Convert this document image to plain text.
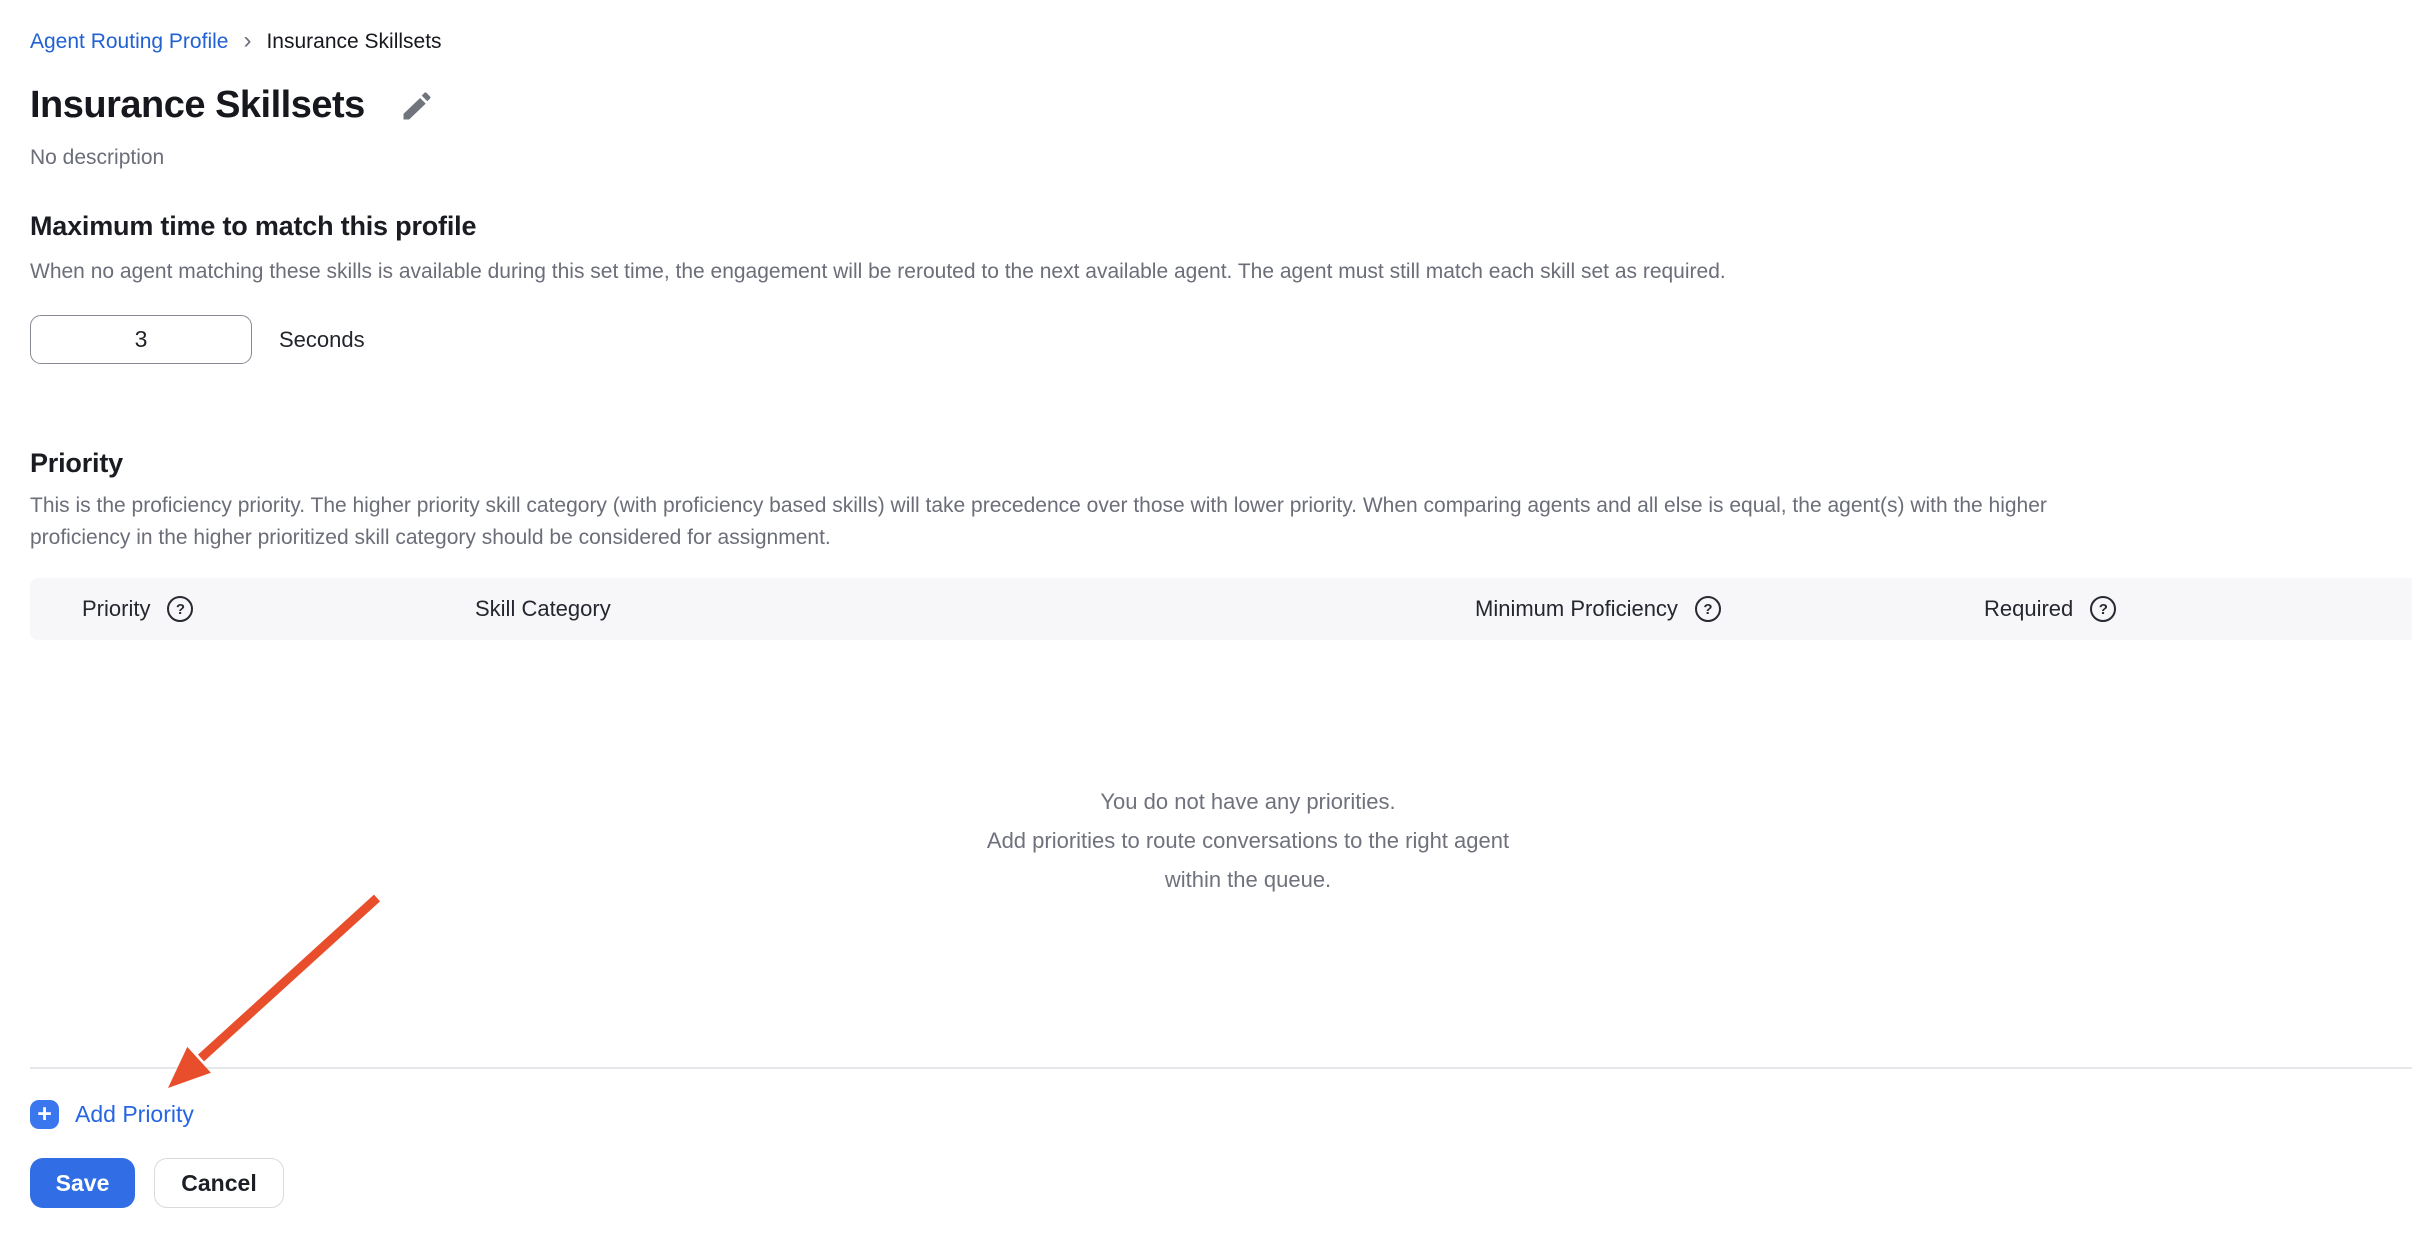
Agent Routing Profile › Insurance Skillsets
Insurance Skillsets
No description
Maximum time to match this profile

When no agent matching these skills is available during this set time, the engagement will be rerouted to the next available agent. The agent must still match each skill set as required.

3
Seconds
Priority
This is the proficiency priority. The higher priority skill category (with proficiency based skills) will take precedence over those with lower priority. When comparing agents and all else is equal, the agent(s) with the higher
proficiency in the higher prioritized skill category should be considered for assignment.
Priority	?	Skill Category	Minimum Proficiency	?	Required	?
You do not have any priorities.
Add priorities to route conversations to the right agent
within the queue.
+	Add Priority
Save	Cancel
